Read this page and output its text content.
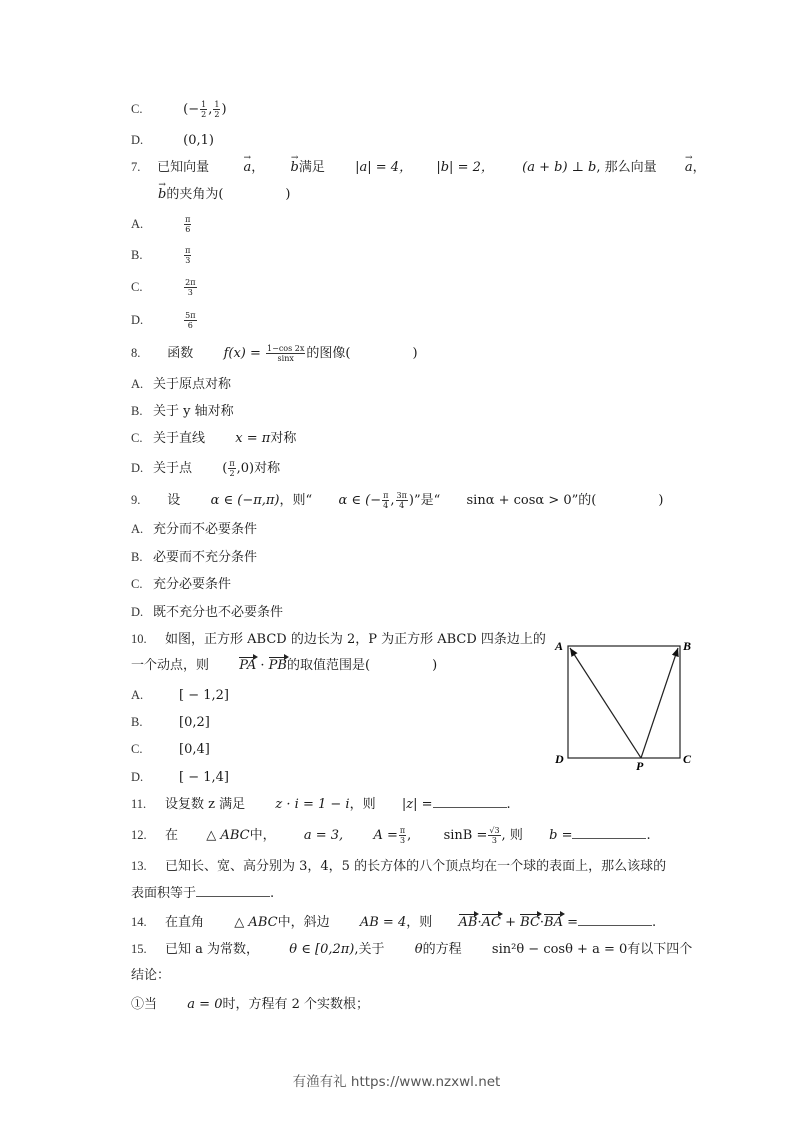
C.	(− $\frac{1}{2}$ , $\frac{1}{2}$ )
D.	(0,1)
7. 已知向量	→ a， → b满足 |a| = 4， |b| = 2， (a + b) ⊥ b, 那么向量 → a，
→ b的夹角为(	)
A.	$\frac{\pi}{6}$
B.	$\frac{\pi}{3}$
C.	$\frac{2\pi}{3}$
D.	$\frac{5\pi}{6}$
8. 函数 $f(x) = \frac{1-\cos 2x}{\sin x}$ 的图像(	)
A. 关于原点对称
B. 关于 y 轴对称
C. 关于直线 x = π对称
D. 关于点 ( $\frac{\pi}{2} ,0$)对称
9. 设 α ∈ (−π,π)，则“ α ∈ (− $\frac{\pi}{4}$ , $\frac{3\pi}{4}$ )”是“ sinα + cosα > 0”的(	)
A. 充分而不必要条件
B. 必要而不充分条件
C. 充分必要条件
D. 既不充分也不必要条件
10. 如图，正方形 ABCD 的边长为 2，P 为正方形 ABCD 四条边上的
一个动点，则 PA · PB的取值范围是(	)
A.	[ − 1,2]
B.	[0,2]
C.	[0,4]
D.	[ − 1,4]
A	B
C
D	P
11. 设复数 z 满足 z · i = 1 − i，则 |z| =	.
12. 在 △ ABC中， a = 3, $A = \frac{\pi}{3}$ , $\sin B = \frac{√3}{3}$ , 则 b =	.
13. 已知长、宽、高分别为 3，4，5 的长方体的八个顶点均在一个球的表面上，那么该球的
表面积等于	.
14. 在直角 △ ABC中，斜边 AB = 4，则 AB·AC + BC·BA =	.
15. 已知 a 为常数， θ ∈ [0,2π),关于 θ的方程 sin²θ − cosθ + a = 0有以下四个
结论：
①当 a = 0时，方程有 2 个实数根；
有渔有礼 https://www.nzxwl.net
